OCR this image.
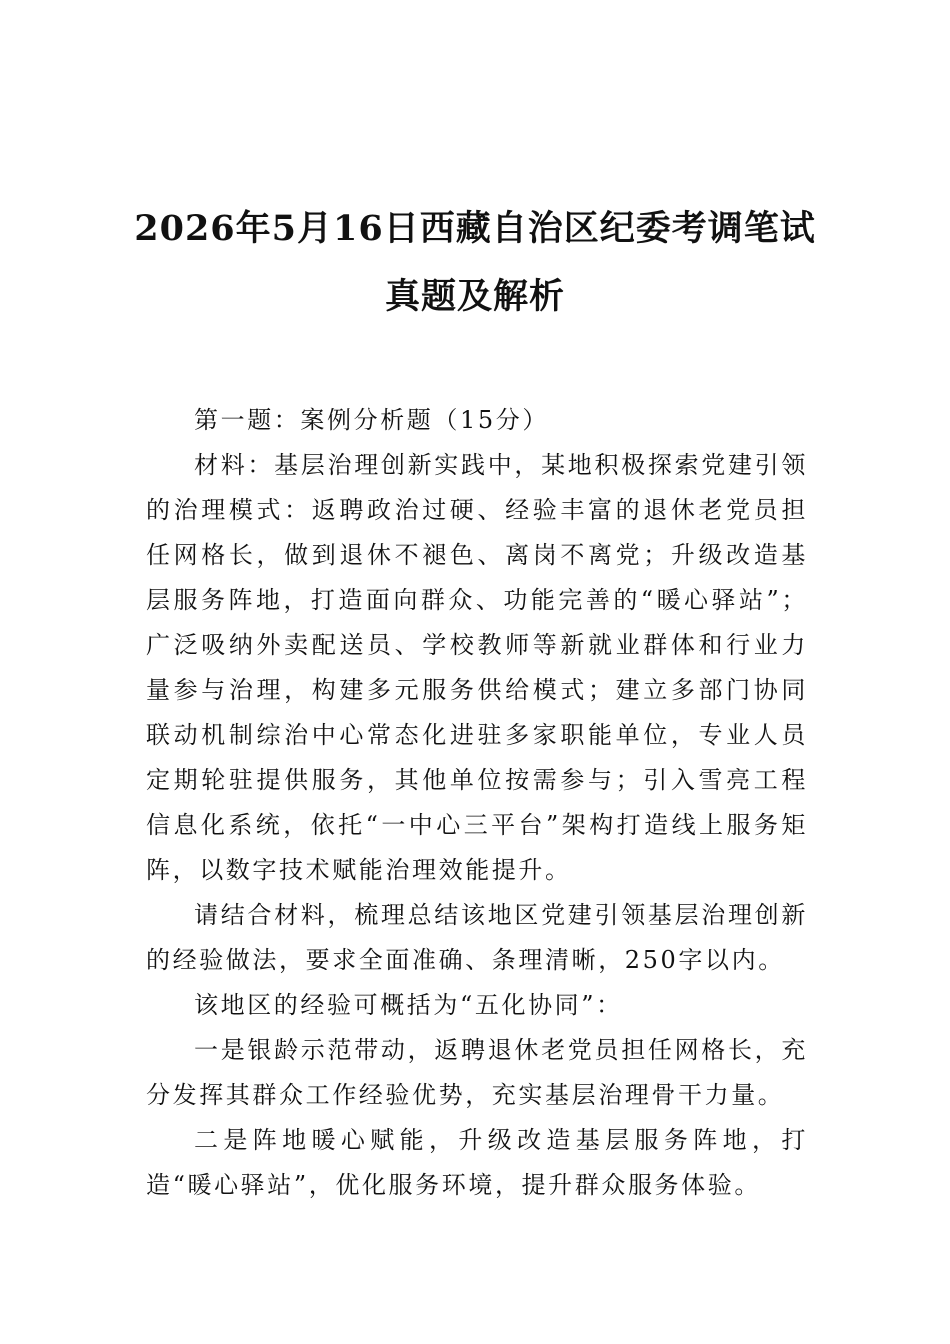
2026年5月16日西藏自治区纪委考调笔试
真题及解析

第一题：案例分析题（15分）

材料：基层治理创新实践中，某地积极探索党建引领的治理模式：返聘政治过硬、经验丰富的退休老党员担任网格长，做到退休不褪色、离岗不离党；升级改造基层服务阵地，打造面向群众、功能完善的“暖心驿站”；广泛吸纳外卖配送员、学校教师等新就业群体和行业力量参与治理，构建多元服务供给模式；建立多部门协同联动机制综治中心常态化进驻多家职能单位，专业人员定期轮驻提供服务，其他单位按需参与；引入雪亮工程信息化系统，依托“一中心三平台”架构打造线上服务矩阵，以数字技术赋能治理效能提升。

请结合材料，梳理总结该地区党建引领基层治理创新的经验做法，要求全面准确、条理清晰，250字以内。

该地区的经验可概括为“五化协同”：

一是银龄示范带动，返聘退休老党员担任网格长，充分发挥其群众工作经验优势，充实基层治理骨干力量。

二是阵地暖心赋能，升级改造基层服务阵地，打造“暖心驿站”，优化服务环境，提升群众服务体验。
